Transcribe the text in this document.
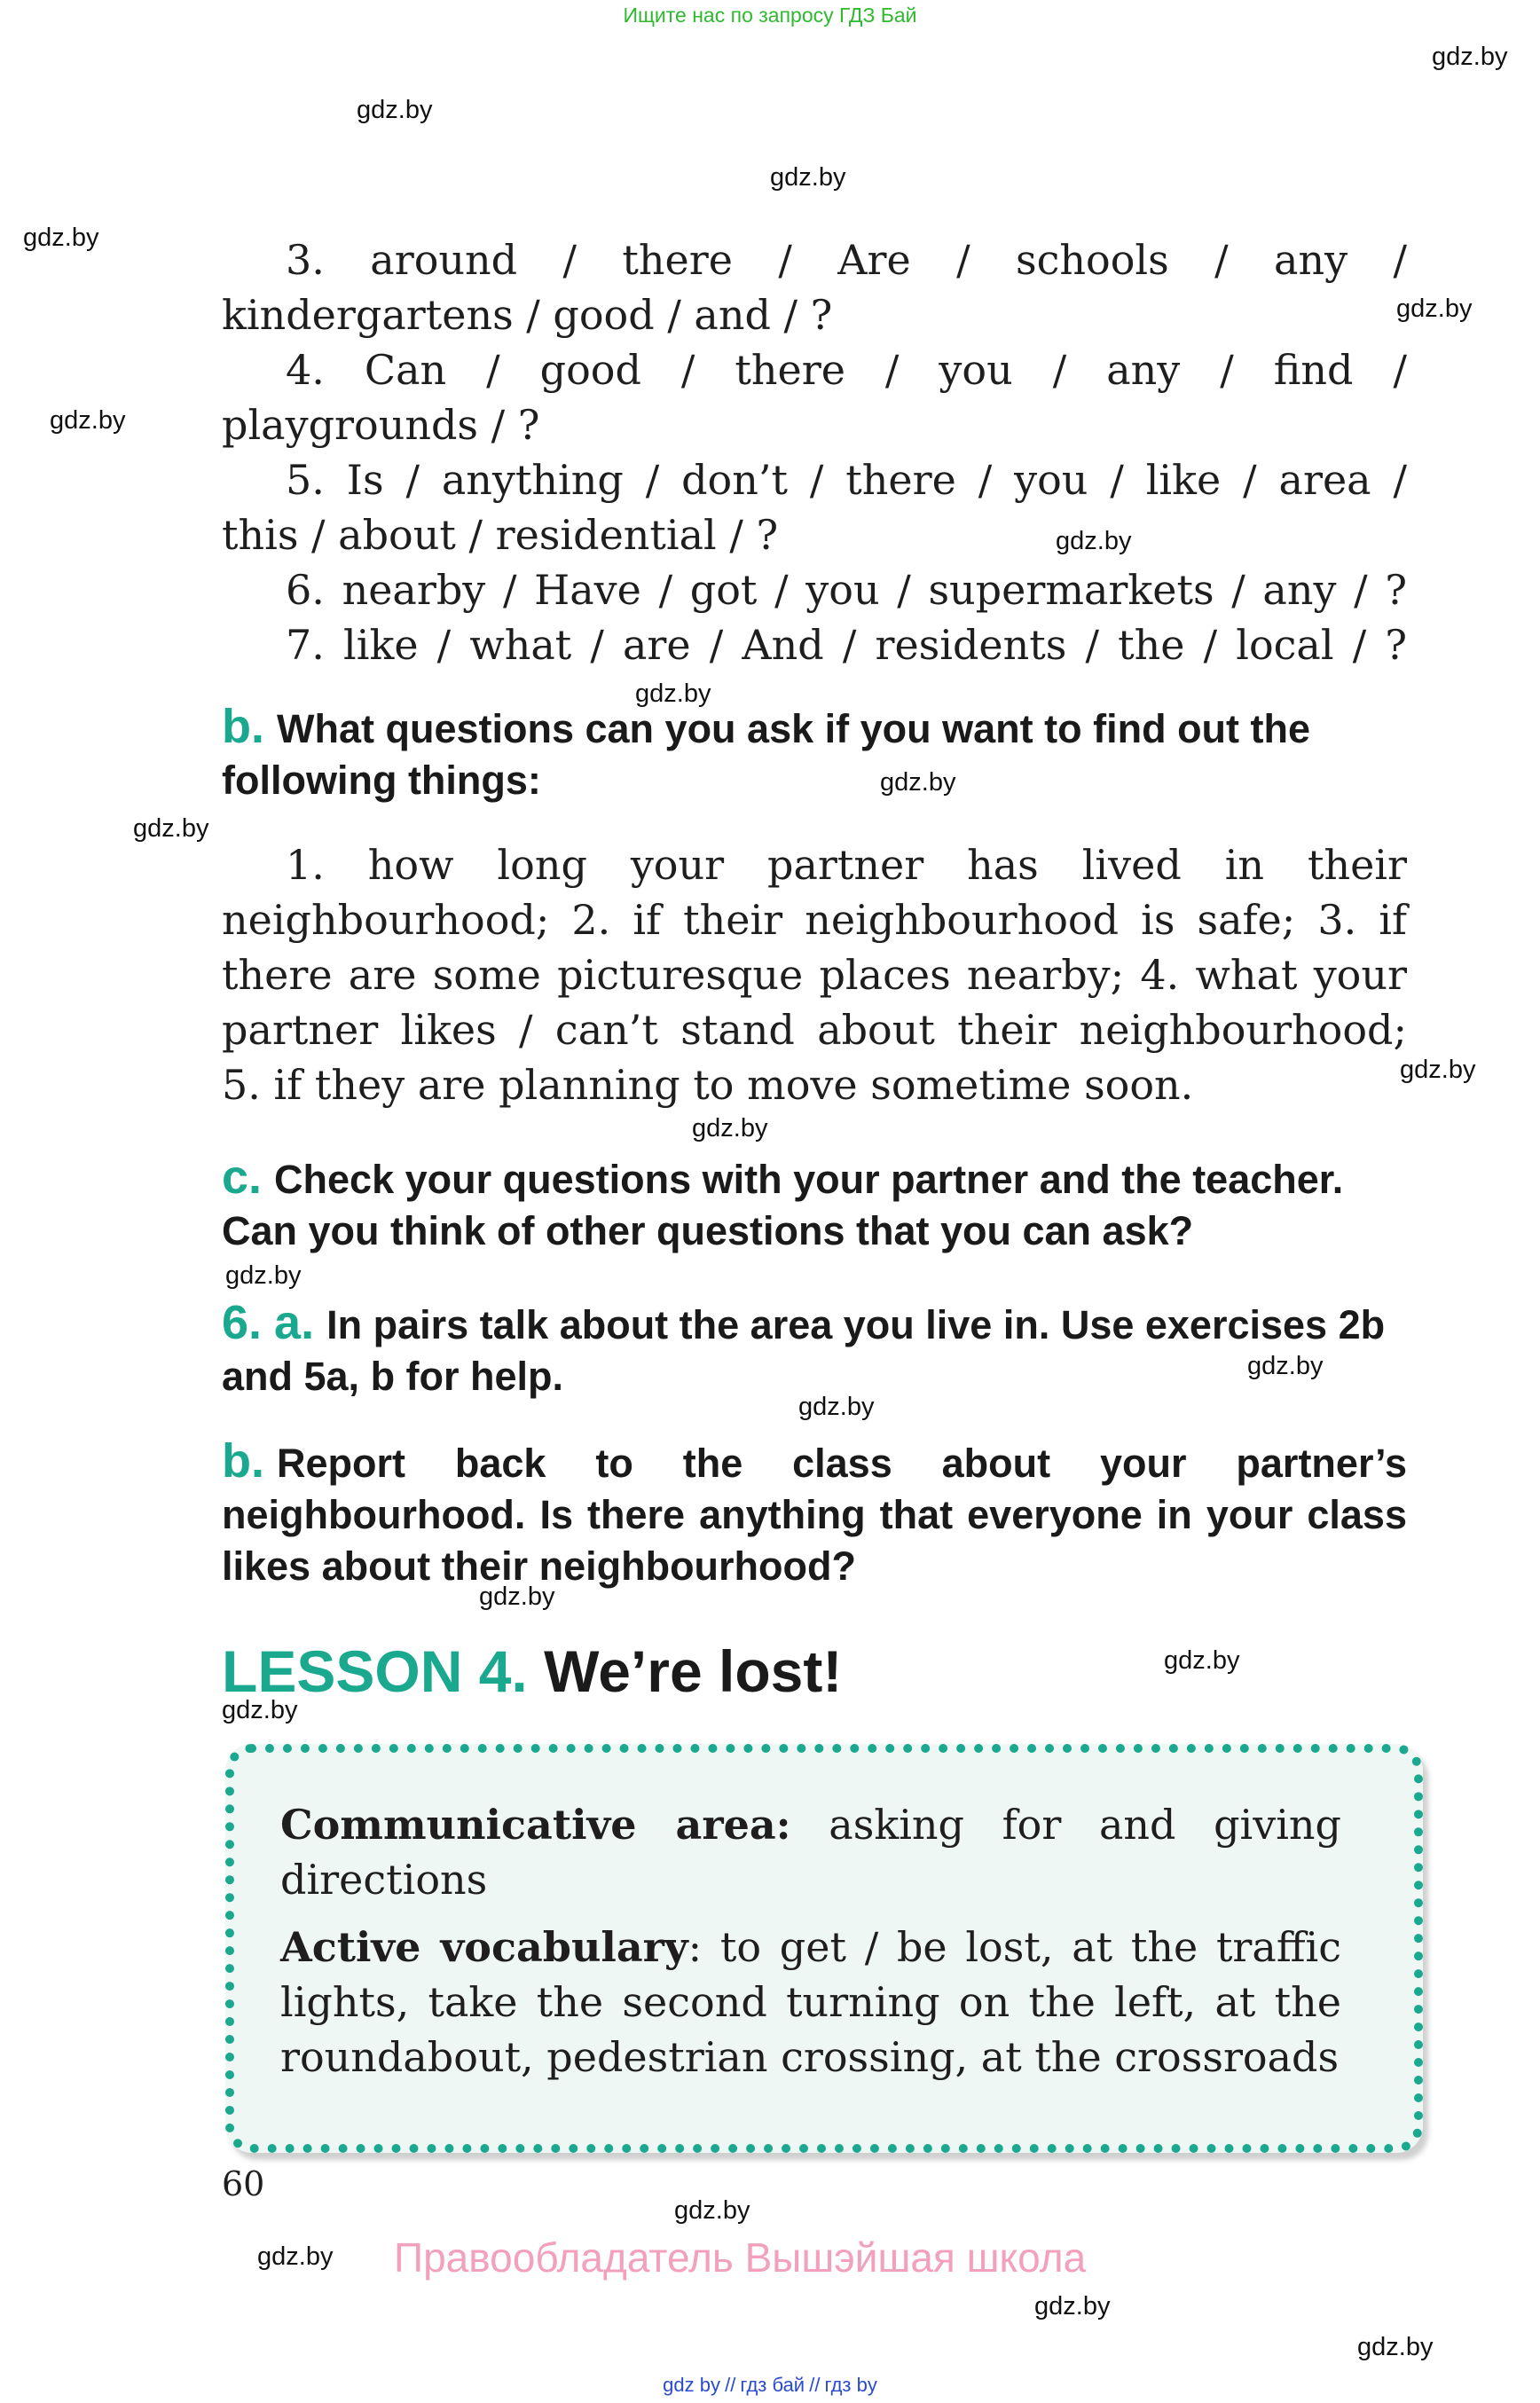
Ищите нас по запросу ГДЗ Бай
gdz.by
gdz.by
gdz.by
gdz.by
gdz.by
gdz.by
gdz.by
gdz.by
gdz.by
gdz.by
gdz.by
gdz.by
gdz.by
gdz.by
gdz.by
gdz.by
gdz.by
gdz.by
gdz.by
gdz.by
gdz.by
gdz.by
3. around / there / Are / schools / any /
kindergartens / good / and / ?
4. Can / good / there / you / any / find /
playgrounds / ?
5. Is / anything / don’t / there / you / like / area /
this / about / residential / ?
6. nearby / Have / got / you / supermarkets / any / ?
7. like / what / are / And / residents / the / local / ?
b. What questions can you ask if you want to find out the following things:
1. how long your partner has lived in their
neighbourhood; 2. if their neighbourhood is safe; 3. if
there are some picturesque places nearby; 4. what your
partner likes / can’t stand about their neighbourhood;
5. if they are planning to move sometime soon.
c. Check your questions with your partner and the teacher. Can you think of other questions that you can ask?
6. a. In pairs talk about the area you live in. Use exercises 2b and 5a, b for help.
b. Report back to the class about your partner’s neighbourhood. Is there anything that everyone in your class likes about their neighbourhood?
LESSON 4. We’re lost!
Communicative area: asking for and giving directions
Active vocabulary: to get / be lost, at the traffic lights, take the second turning on the left, at the roundabout, pedestrian crossing, at the crossroads
60
Правообладатель Вышэйшая школа
gdz by // гдз бай // гдз by
